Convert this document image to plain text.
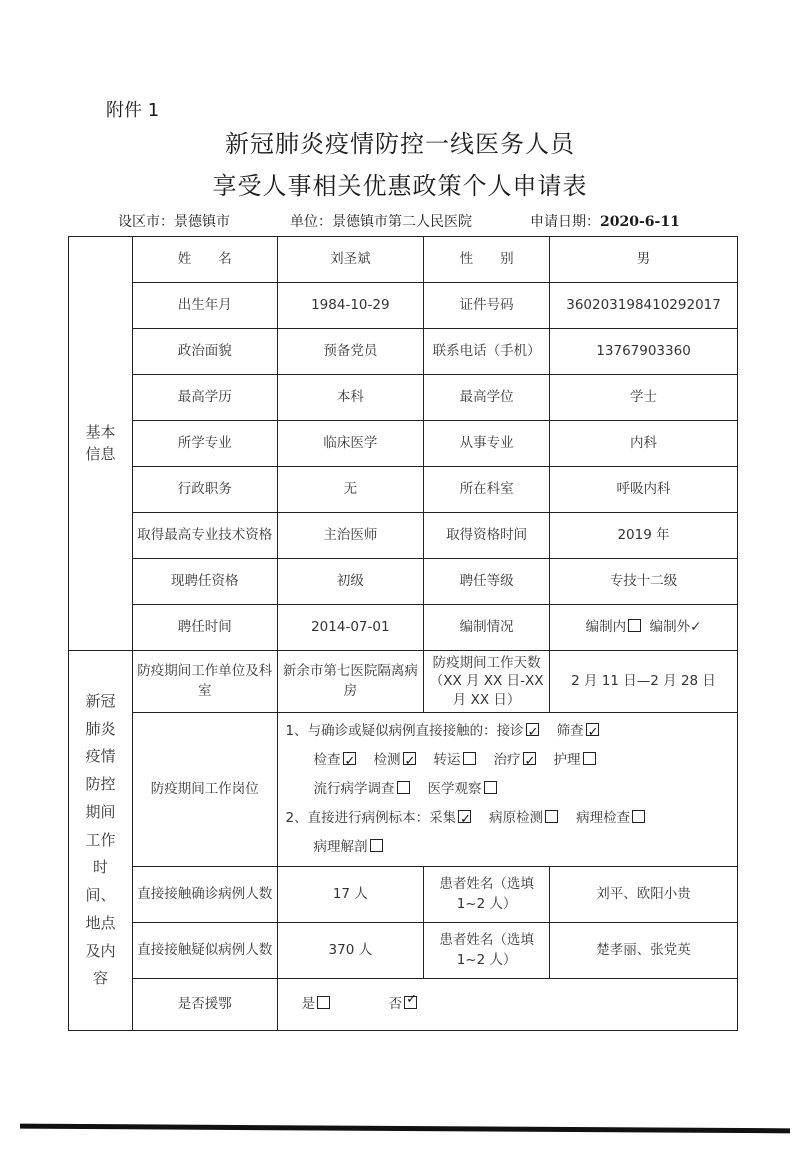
附件 1
新冠肺炎疫情防控一线医务人员
享受人事相关优惠政策个人申请表
设区市：景德镇市	单位：景德镇市第二人民医院	申请日期：2020-6-11
基本信息	姓　　名	刘圣斌	性　　别	男
	出生年月	1984-10-29	证件号码	360203198410292017
	政治面貌	预备党员	联系电话（手机）	13767903360
	最高学历	本科	最高学位	学士
	所学专业	临床医学	从事专业	内科
	行政职务	无	所在科室	呼吸内科
	取得最高专业技术资格	主治医师	取得资格时间	2019 年
	现聘任资格	初级	聘任等级	专技十二级
	聘任时间	2014-07-01	编制情况	编制内 编制外✓

新冠肺炎疫情防控期间工作时间、地点及内容	防疫期间工作单位及科室	新余市第七医院隔离病房	防疫期间工作天数（XX 月 XX 日-XX 月 XX 日）	2 月 11 日—2 月 28 日
	防疫期间工作岗位	1、与确诊或疑似病例直接接触的：接诊 ✓ 筛查✓
检查 ✓ 检测 ✓ 转运 治疗 ✓ 护理
流行病学调查 医学观察
2、直接进行病例标本：采集 ✓ 病原检测 病理检查
病理解剖

	直接接触确诊病例人数	17 人	患者姓名（选填 1~2 人）	刘平、欧阳小贵
	直接接触疑似病例人数	370 人	患者姓名（选填 1~2 人）	楚孝丽、张党英
	是否援鄂	是 否✓
